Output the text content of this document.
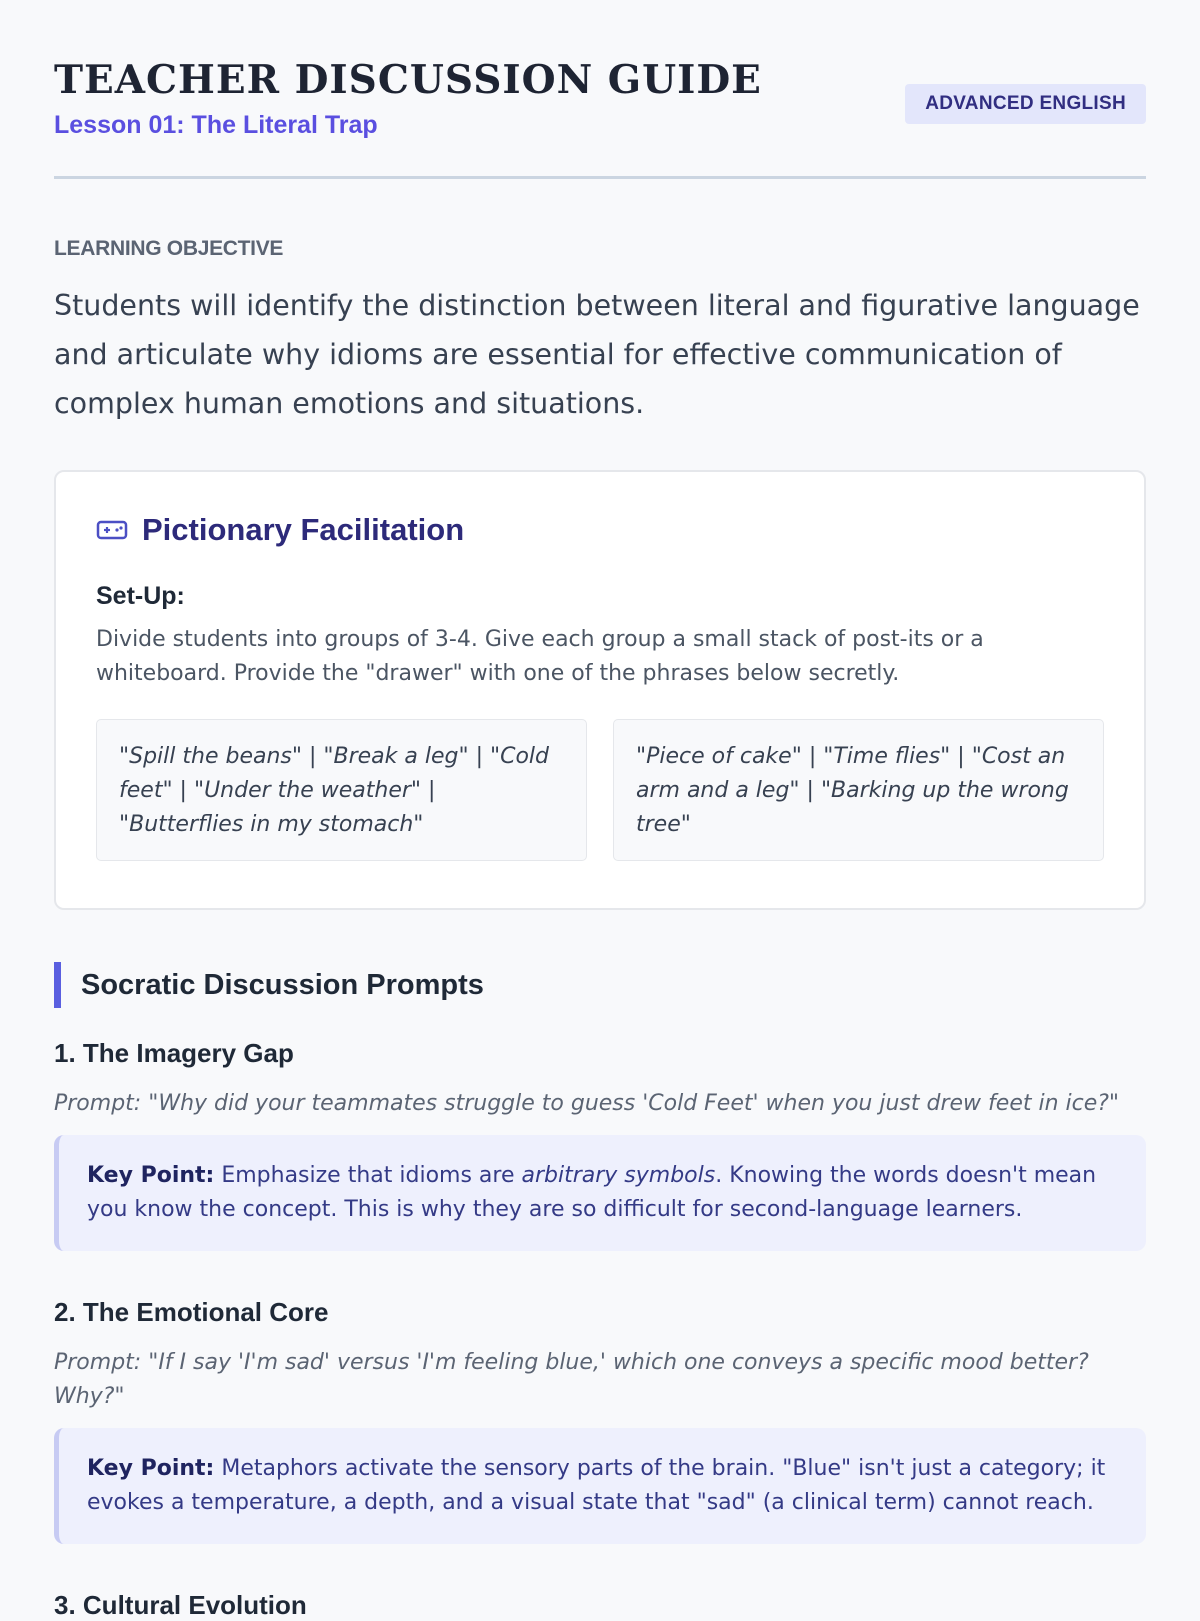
TEACHER DISCUSSION GUIDE
Lesson 01: The Literal Trap
ADVANCED ENGLISH
LEARNING OBJECTIVE
Students will identify the distinction between literal and figurative language and articulate why idioms are essential for effective communication of complex human emotions and situations.
Pictionary Facilitation
Set-Up:
Divide students into groups of 3-4. Give each group a small stack of post-its or a whiteboard. Provide the "drawer" with one of the phrases below secretly.
"Spill the beans" | "Break a leg" | "Cold feet" | "Under the weather" | "Butterflies in my stomach"
"Piece of cake" | "Time flies" | "Cost an arm and a leg" | "Barking up the wrong tree"
Socratic Discussion Prompts
1. The Imagery Gap
Prompt: "Why did your teammates struggle to guess 'Cold Feet' when you just drew feet in ice?"
Key Point: Emphasize that idioms are arbitrary symbols. Knowing the words doesn't mean you know the concept. This is why they are so difficult for second-language learners.
2. The Emotional Core
Prompt: "If I say 'I'm sad' versus 'I'm feeling blue,' which one conveys a specific mood better? Why?"
Key Point: Metaphors activate the sensory parts of the brain. "Blue" isn't just a category; it evokes a temperature, a depth, and a visual state that "sad" (a clinical term) cannot reach.
3. Cultural Evolution
